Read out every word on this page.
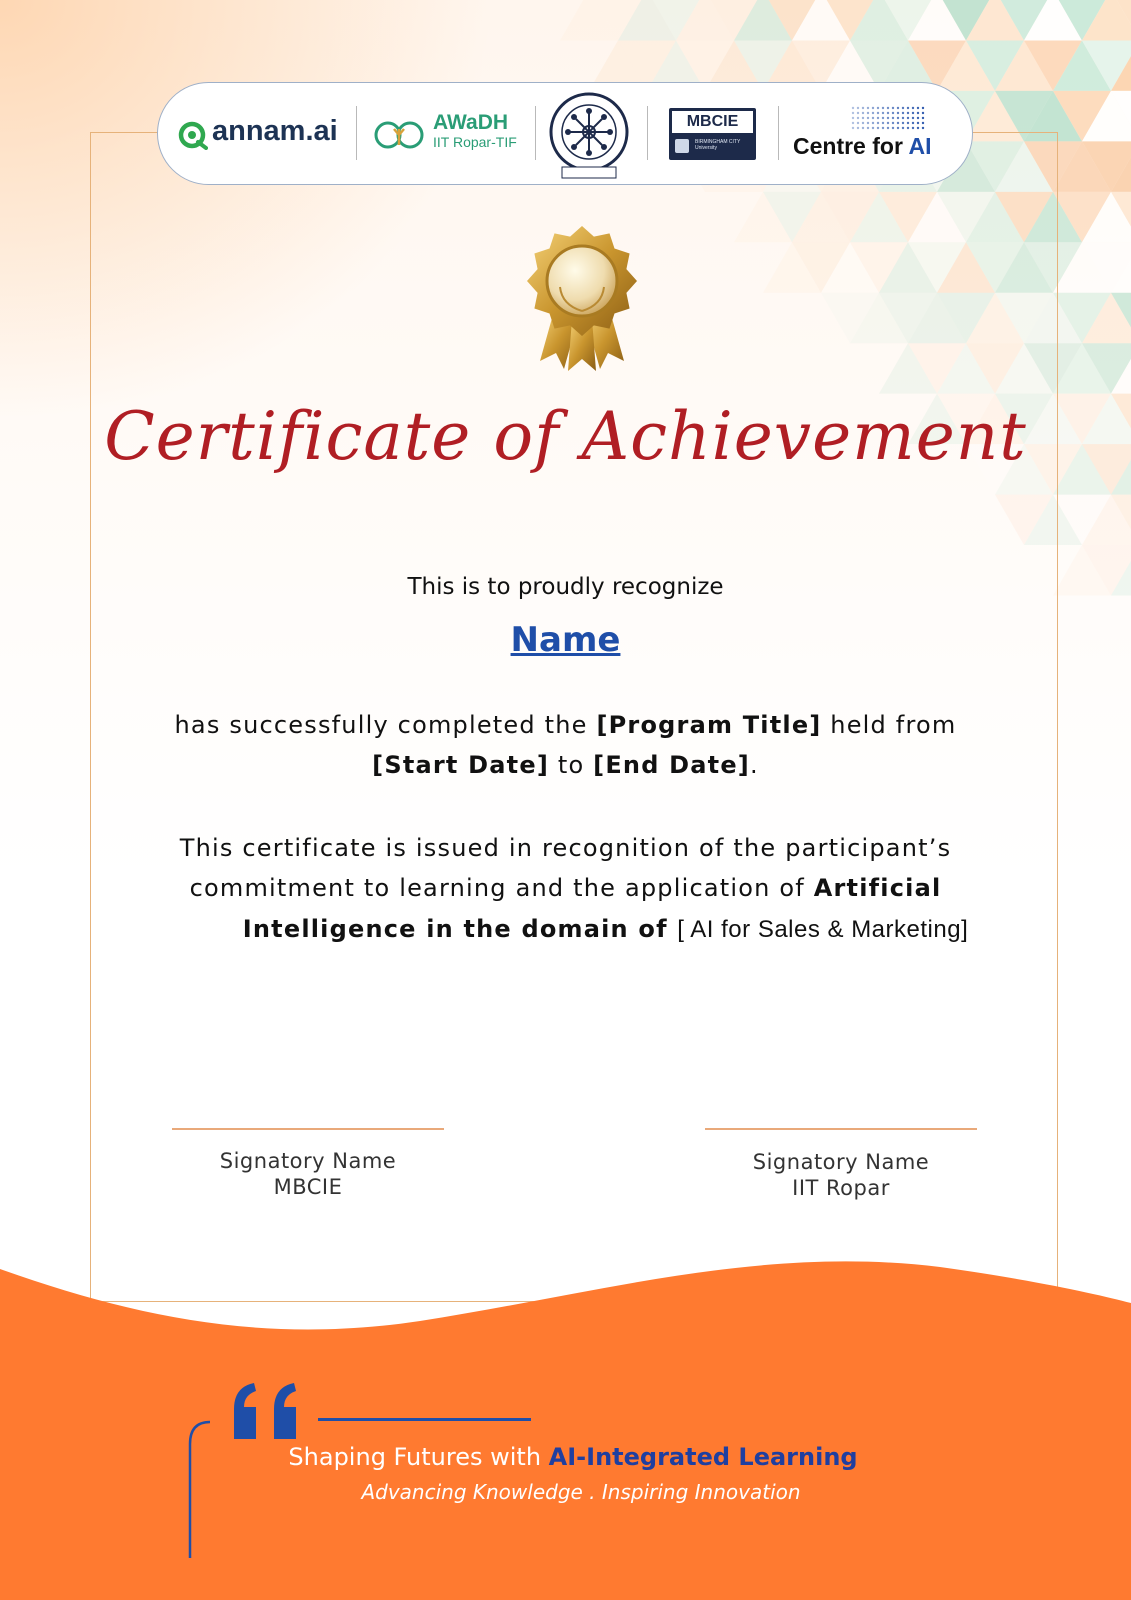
annam.ai	AWaDH
IIT Ropar-TIF
MBCIE
BIRMINGHAM CITY University	Centre for AI
Certificate of Achievement
This is to proudly recognize
Name
has successfully completed the [Program Title] held from
[Start Date] to [End Date].
This certificate is issued in recognition of the participant’s
commitment to learning and the application of Artificial
Intelligence in the domain of [ AI for Sales & Marketing]
Signatory Name
MBCIE
Signatory Name
IIT Ropar
Shaping Futures with AI-Integrated Learning
Advancing Knowledge . Inspiring Innovation
